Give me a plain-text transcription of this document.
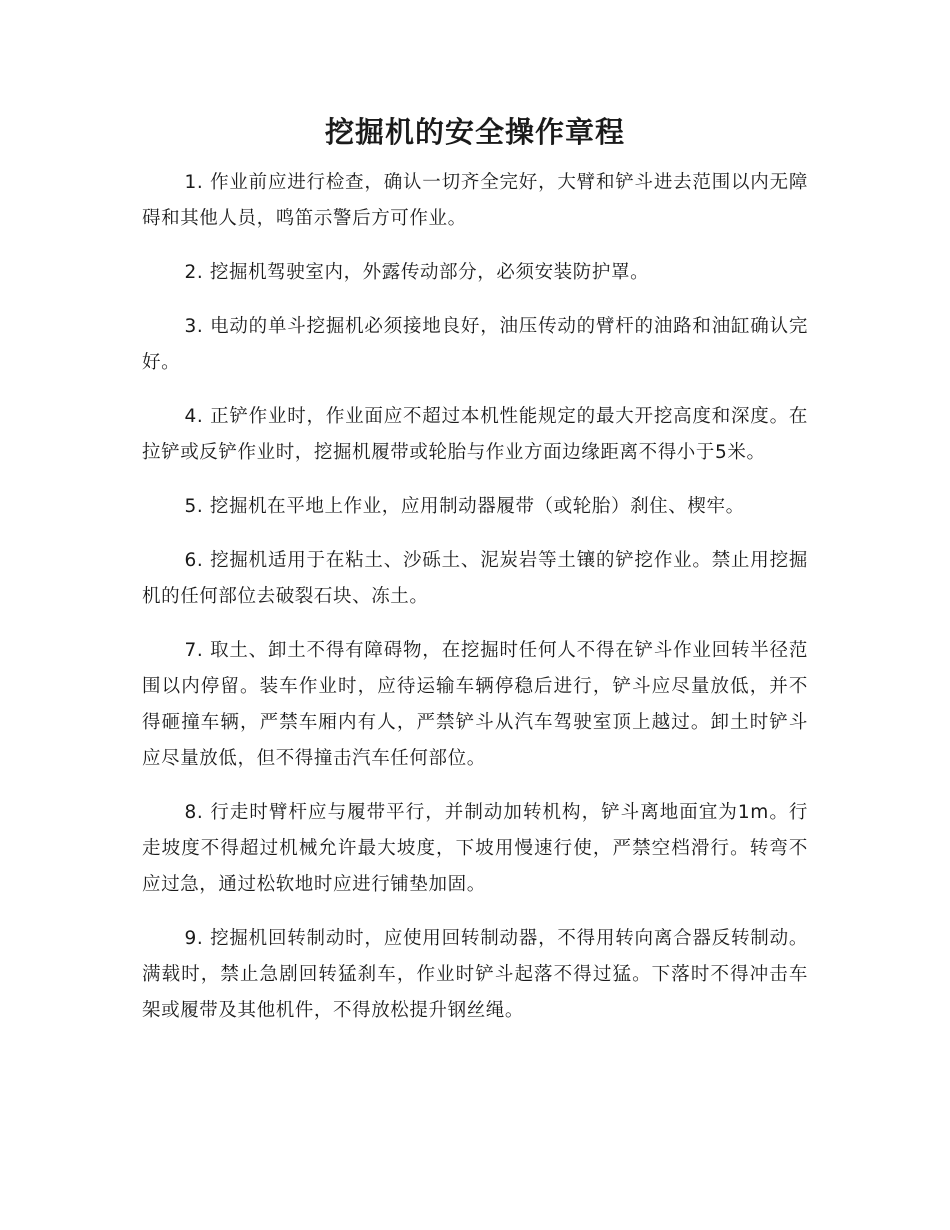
挖掘机的安全操作章程

1. 作业前应进行检查，确认一切齐全完好，大臂和铲斗进去范围以内无障碍和其他人员，鸣笛示警后方可作业。

2. 挖掘机驾驶室内，外露传动部分，必须安装防护罩。

3. 电动的单斗挖掘机必须接地良好，油压传动的臂杆的油路和油缸确认完好。

4. 正铲作业时，作业面应不超过本机性能规定的最大开挖高度和深度。在拉铲或反铲作业时，挖掘机履带或轮胎与作业方面边缘距离不得小于5米。

5. 挖掘机在平地上作业，应用制动器履带（或轮胎）刹住、楔牢。

6. 挖掘机适用于在粘土、沙砾土、泥炭岩等土镶的铲挖作业。禁止用挖掘机的任何部位去破裂石块、冻土。

7. 取土、卸土不得有障碍物，在挖掘时任何人不得在铲斗作业回转半径范围以内停留。装车作业时，应待运输车辆停稳后进行，铲斗应尽量放低，并不得砸撞车辆，严禁车厢内有人，严禁铲斗从汽车驾驶室顶上越过。卸土时铲斗应尽量放低，但不得撞击汽车任何部位。

8. 行走时臂杆应与履带平行，并制动加转机构，铲斗离地面宜为1m。行走坡度不得超过机械允许最大坡度，下坡用慢速行使，严禁空档滑行。转弯不应过急，通过松软地时应进行铺垫加固。

9. 挖掘机回转制动时，应使用回转制动器，不得用转向离合器反转制动。满载时，禁止急剧回转猛刹车，作业时铲斗起落不得过猛。下落时不得冲击车架或履带及其他机件，不得放松提升钢丝绳。
